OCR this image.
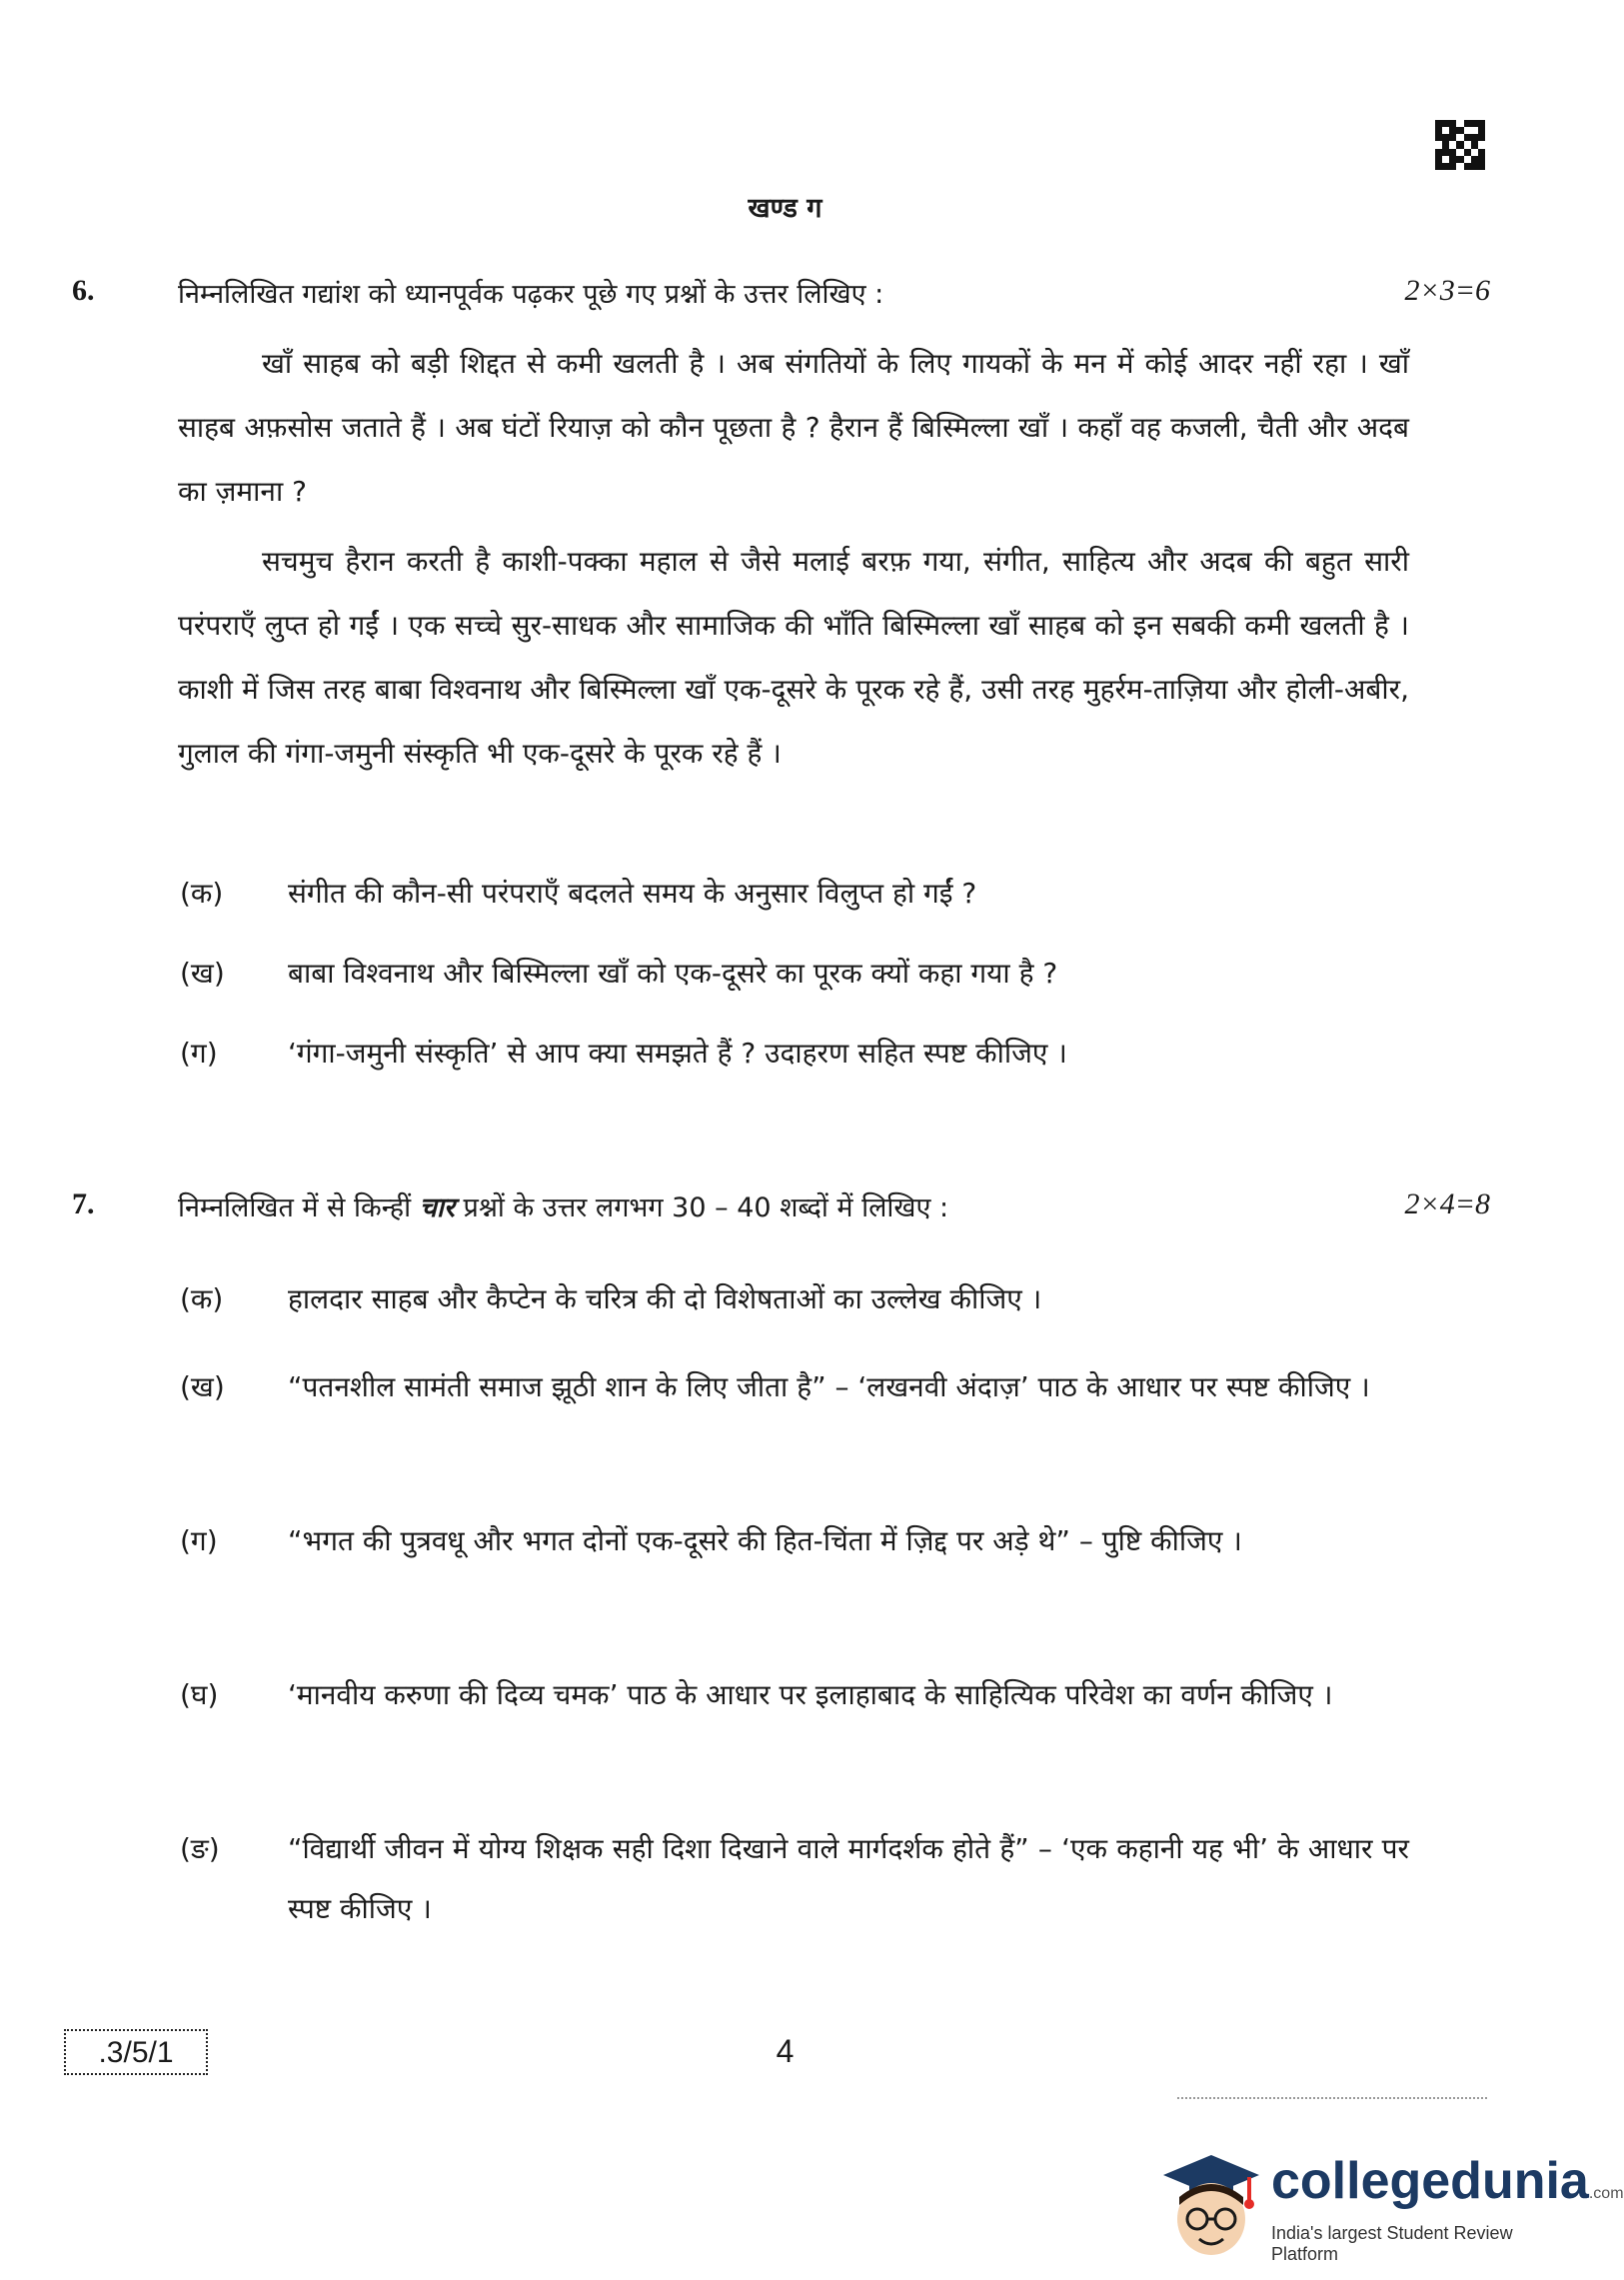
खण्ड ग
6.	निम्नलिखित गद्यांश को ध्यानपूर्वक पढ़कर पूछे गए प्रश्नों के उत्तर लिखिए :	2×3=6

खाँ साहब को बड़ी शिद्दत से कमी खलती है । अब संगतियों के लिए गायकों के मन में कोई आदर नहीं रहा । खाँ साहब अफ़सोस जताते हैं । अब घंटों रियाज़ को कौन पूछता है ? हैरान हैं बिस्मिल्ला खाँ । कहाँ वह कजली, चैती और अदब का ज़माना ?

सचमुच हैरान करती है काशी-पक्का महाल से जैसे मलाई बरफ़ गया, संगीत, साहित्य और अदब की बहुत सारी परंपराएँ लुप्त हो गईं । एक सच्चे सुर-साधक और सामाजिक की भाँति बिस्मिल्ला खाँ साहब को इन सबकी कमी खलती है । काशी में जिस तरह बाबा विश्वनाथ और बिस्मिल्ला खाँ एक-दूसरे के पूरक रहे हैं, उसी तरह मुहर्रम-ताज़िया और होली-अबीर, गुलाल की गंगा-जमुनी संस्कृति भी एक-दूसरे के पूरक रहे हैं ।

(क)	संगीत की कौन-सी परंपराएँ बदलते समय के अनुसार विलुप्त हो गईं ?
(ख)	बाबा विश्वनाथ और बिस्मिल्ला खाँ को एक-दूसरे का पूरक क्यों कहा गया है ?
(ग)	‘गंगा-जमुनी संस्कृति’ से आप क्या समझते हैं ? उदाहरण सहित स्पष्ट कीजिए ।
7.	निम्नलिखित में से किन्हीं चार प्रश्नों के उत्तर लगभग 30 – 40 शब्दों में लिखिए :	2×4=8
(क)	हालदार साहब और कैप्टेन के चरित्र की दो विशेषताओं का उल्लेख कीजिए ।
(ख)	“पतनशील सामंती समाज झूठी शान के लिए जीता है” – ‘लखनवी अंदाज़’ पाठ के आधार पर स्पष्ट कीजिए ।
(ग)	“भगत की पुत्रवधू और भगत दोनों एक-दूसरे की हित-चिंता में ज़िद्द पर अड़े थे” – पुष्टि कीजिए ।
(घ)	‘मानवीय करुणा की दिव्य चमक’ पाठ के आधार पर इलाहाबाद के साहित्यिक परिवेश का वर्णन कीजिए ।
(ङ)	“विद्यार्थी जीवन में योग्य शिक्षक सही दिशा दिखाने वाले मार्गदर्शक होते हैं” – ‘एक कहानी यह भी’ के आधार पर स्पष्ट कीजिए ।
.3/5/1	4
collegedunia.com
India's largest Student Review Platform
